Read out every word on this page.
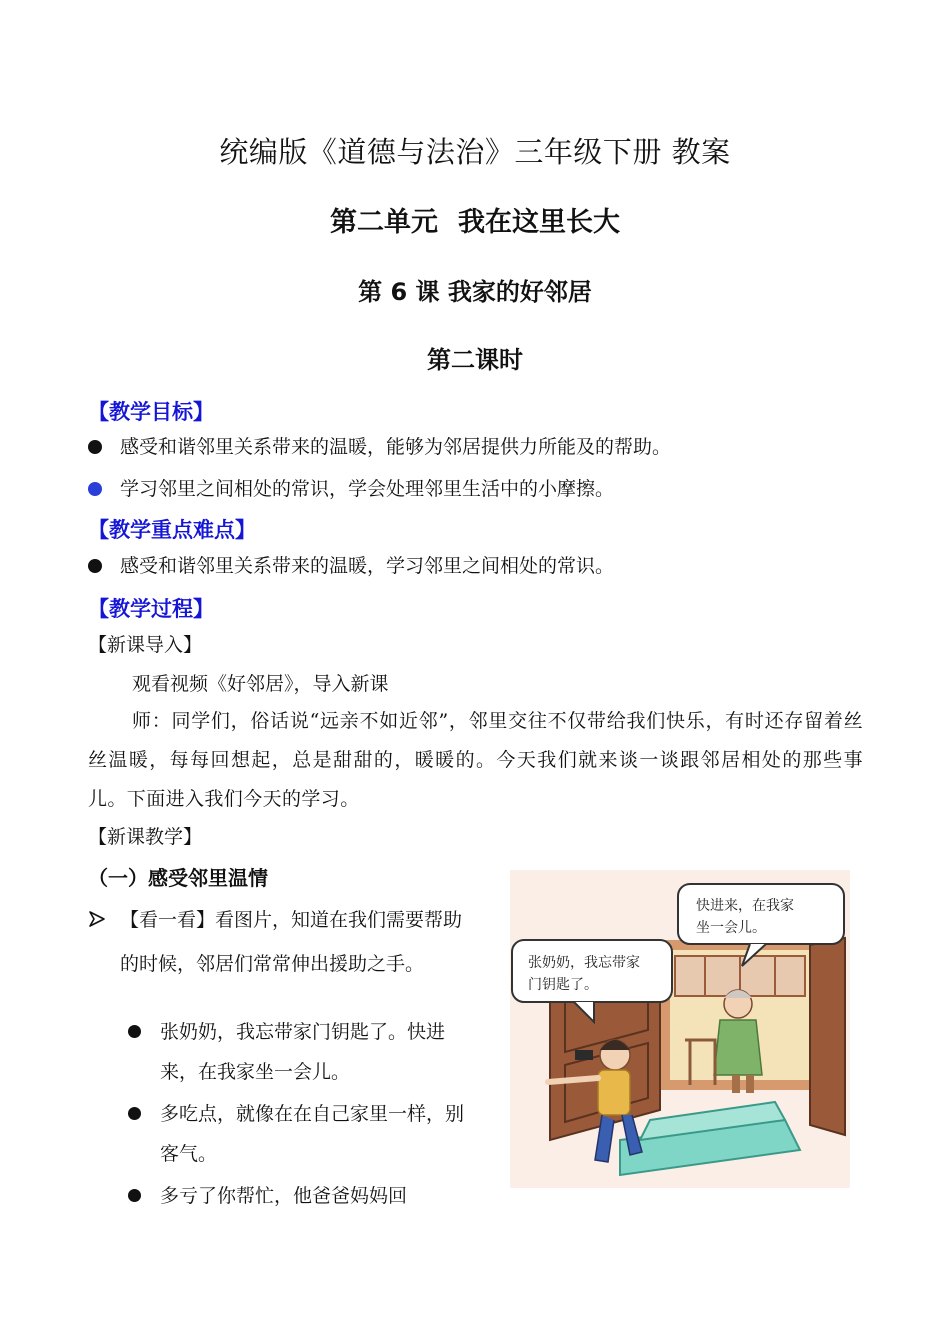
统编版《道德与法治》三年级下册 教案
第二单元 我在这里长大
第 6 课 我家的好邻居
第二课时
【教学目标】
感受和谐邻里关系带来的温暖，能够为邻居提供力所能及的帮助。
学习邻里之间相处的常识，学会处理邻里生活中的小摩擦。
【教学重点难点】
感受和谐邻里关系带来的温暖，学习邻里之间相处的常识。
【教学过程】
【新课导入】
观看视频《好邻居》，导入新课
师：同学们，俗话说“远亲不如近邻”，邻里交往不仅带给我们快乐，有时还存留着丝丝温暖，每每回想起，总是甜甜的，暖暖的。今天我们就来谈一谈跟邻居相处的那些事儿。下面进入我们今天的学习。
【新课教学】
（一）感受邻里温情
【看一看】看图片，知道在我们需要帮助的时候，邻居们常常伸出援助之手。
张奶奶，我忘带家门钥匙了。快进来，在我家坐一会儿。
多吃点，就像在在自己家里一样，别客气。
多亏了你帮忙，他爸爸妈妈回
快进来，在我家
坐一会儿。
张奶奶，我忘带家
门钥匙了。
